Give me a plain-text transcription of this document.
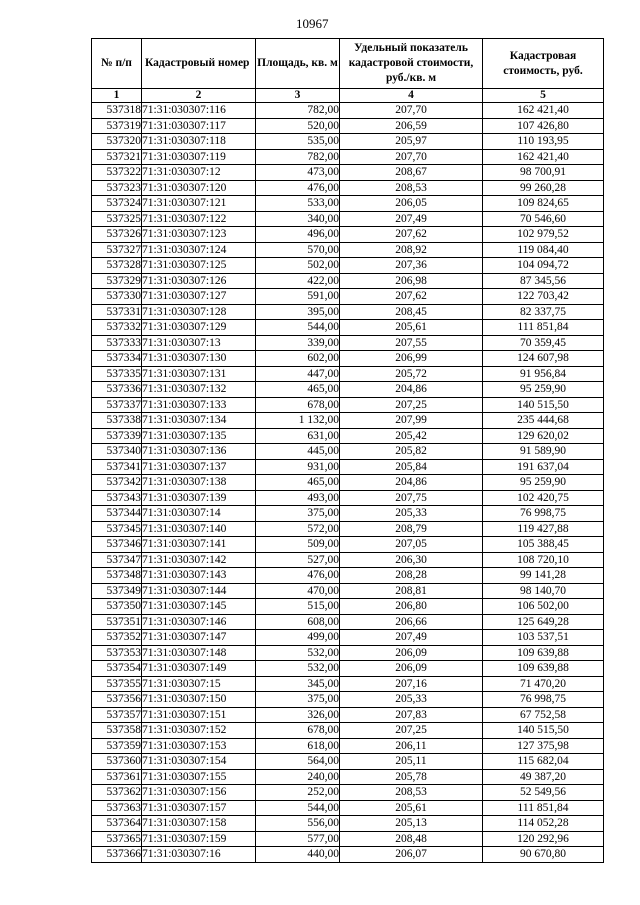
10967
№ п/п	Кадастровый номер	Площадь, кв. м	Удельный показатель кадастровой стоимости, руб./кв. м	Кадастровая стоимость, руб.
1	2	3	4	5
537318	71:31:030307:116	782,00	207,70	162 421,40
537319	71:31:030307:117	520,00	206,59	107 426,80
537320	71:31:030307:118	535,00	205,97	110 193,95
537321	71:31:030307:119	782,00	207,70	162 421,40
537322	71:31:030307:12	473,00	208,67	98 700,91
537323	71:31:030307:120	476,00	208,53	99 260,28
537324	71:31:030307:121	533,00	206,05	109 824,65
537325	71:31:030307:122	340,00	207,49	70 546,60
537326	71:31:030307:123	496,00	207,62	102 979,52
537327	71:31:030307:124	570,00	208,92	119 084,40
537328	71:31:030307:125	502,00	207,36	104 094,72
537329	71:31:030307:126	422,00	206,98	87 345,56
537330	71:31:030307:127	591,00	207,62	122 703,42
537331	71:31:030307:128	395,00	208,45	82 337,75
537332	71:31:030307:129	544,00	205,61	111 851,84
537333	71:31:030307:13	339,00	207,55	70 359,45
537334	71:31:030307:130	602,00	206,99	124 607,98
537335	71:31:030307:131	447,00	205,72	91 956,84
537336	71:31:030307:132	465,00	204,86	95 259,90
537337	71:31:030307:133	678,00	207,25	140 515,50
537338	71:31:030307:134	1 132,00	207,99	235 444,68
537339	71:31:030307:135	631,00	205,42	129 620,02
537340	71:31:030307:136	445,00	205,82	91 589,90
537341	71:31:030307:137	931,00	205,84	191 637,04
537342	71:31:030307:138	465,00	204,86	95 259,90
537343	71:31:030307:139	493,00	207,75	102 420,75
537344	71:31:030307:14	375,00	205,33	76 998,75
537345	71:31:030307:140	572,00	208,79	119 427,88
537346	71:31:030307:141	509,00	207,05	105 388,45
537347	71:31:030307:142	527,00	206,30	108 720,10
537348	71:31:030307:143	476,00	208,28	99 141,28
537349	71:31:030307:144	470,00	208,81	98 140,70
537350	71:31:030307:145	515,00	206,80	106 502,00
537351	71:31:030307:146	608,00	206,66	125 649,28
537352	71:31:030307:147	499,00	207,49	103 537,51
537353	71:31:030307:148	532,00	206,09	109 639,88
537354	71:31:030307:149	532,00	206,09	109 639,88
537355	71:31:030307:15	345,00	207,16	71 470,20
537356	71:31:030307:150	375,00	205,33	76 998,75
537357	71:31:030307:151	326,00	207,83	67 752,58
537358	71:31:030307:152	678,00	207,25	140 515,50
537359	71:31:030307:153	618,00	206,11	127 375,98
537360	71:31:030307:154	564,00	205,11	115 682,04
537361	71:31:030307:155	240,00	205,78	49 387,20
537362	71:31:030307:156	252,00	208,53	52 549,56
537363	71:31:030307:157	544,00	205,61	111 851,84
537364	71:31:030307:158	556,00	205,13	114 052,28
537365	71:31:030307:159	577,00	208,48	120 292,96
537366	71:31:030307:16	440,00	206,07	90 670,80
